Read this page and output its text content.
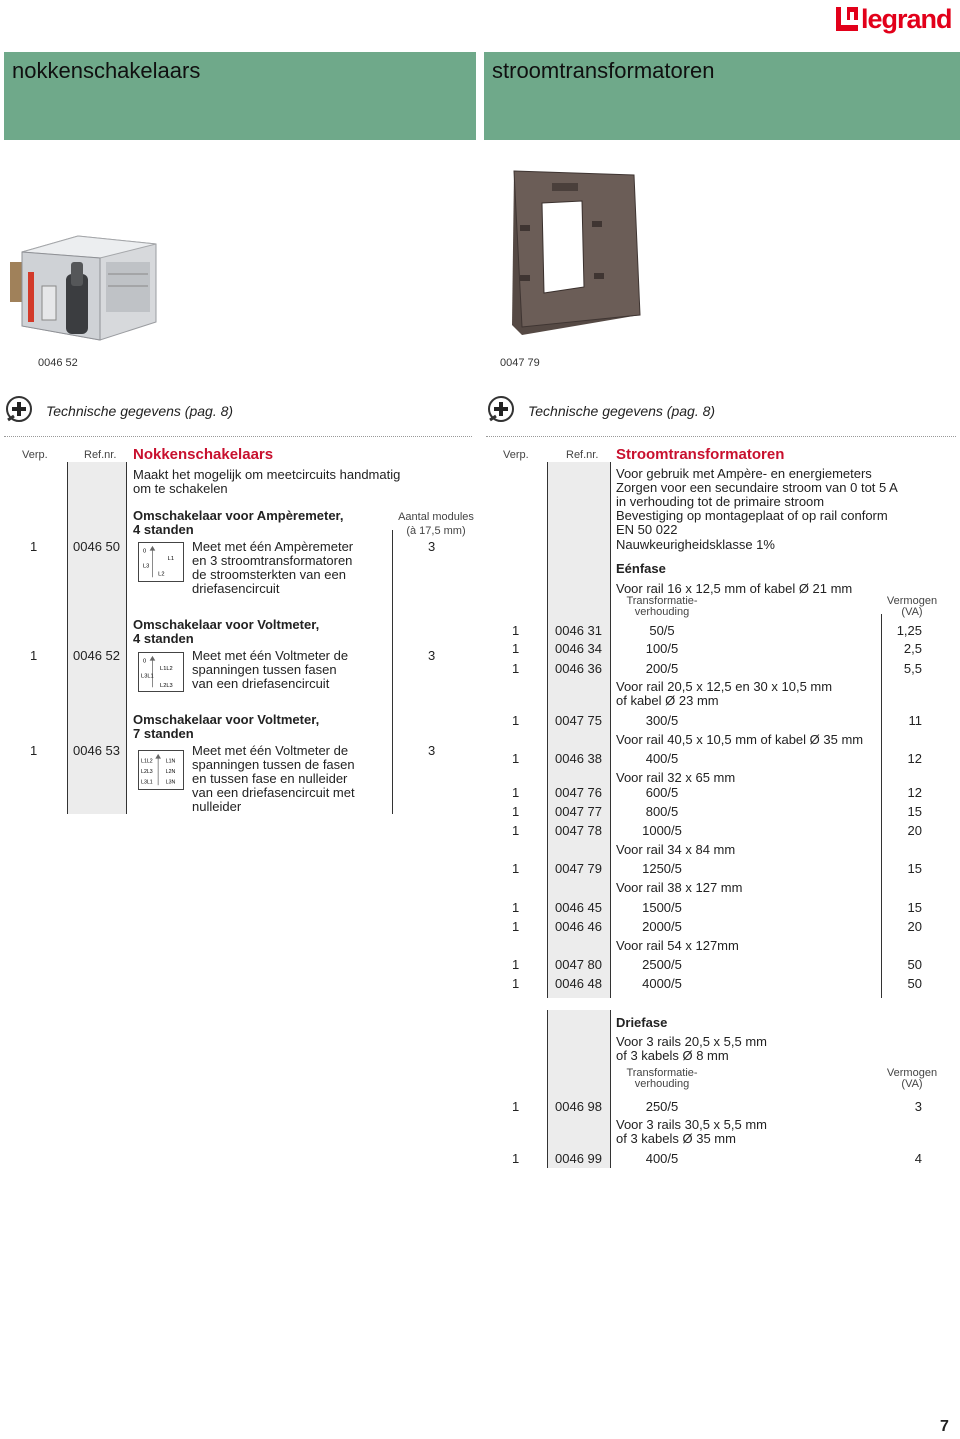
legrand
nokkenschakelaars	stroomtransformatoren
0046 52	0047 79
Technische gegevens (pag. 8)	Technische gegevens (pag. 8)
Verp.	Ref.nr. Nokkenschakelaars
Maakt het mogelijk om meetcircuits handmatig
om te schakelen
Aantal modules
(à 17,5 mm)
Omschakelaar voor Ampèremeter,
4 standen
1	0046 50	3
Meet met één Ampèremeter
en 3 stroomtransformatoren
de stroomsterkten van een
driefasencircuit
0
L1
L3
L2
Omschakelaar voor Voltmeter,
4 standen
1	0046 52	3
Meet met één Voltmeter de
spanningen tussen fasen
van een driefasencircuit
0
L1L2
L3L1
L2L3
Omschakelaar voor Voltmeter,
7 standen
1	0046 53	3
Meet met één Voltmeter de
spanningen tussen de fasen
en tussen fase en nulleider
van een driefasencircuit met
nulleider
L1L2 L1N
L2L3 L2N
L3L1 L3N
Verp.	Ref.nr. Stroomtransformatoren
Voor gebruik met Ampère- en energiemeters
Zorgen voor een secundaire stroom van 0 tot 5 A
in verhouding tot de primaire stroom
Bevestiging op montageplaat of op rail conform
EN 50 022
Nauwkeurigheidsklasse 1%
Eénfase
Voor rail 16 x 12,5 mm of kabel Ø 21 mm
Transformatie-
verhouding
Vermogen
(VA)
1	0046 31	50/5	1,25
1	0046 34	100/5	2,5
1	0046 36	200/5	5,5
Voor rail 20,5 x 12,5 en 30 x 10,5 mm
of kabel Ø 23 mm
1	0047 75	300/5	11
Voor rail 40,5 x 10,5 mm of kabel Ø 35 mm
1	0046 38	400/5	12
Voor rail 32 x 65 mm
1	0047 76	600/5	12
1	0047 77	800/5	15
1	0047 78	1000/5	20
Voor rail 34 x 84 mm
1	0047 79	1250/5	15
Voor rail 38 x 127 mm
1	0046 45	1500/5	15
1	0046 46	2000/5	20
Voor rail 54 x 127mm
1	0047 80	2500/5	50
1	0046 48	4000/5	50
Driefase
Voor 3 rails 20,5 x 5,5 mm
of 3 kabels Ø 8 mm
Transformatie-
verhouding
Vermogen
(VA)
1	0046 98	250/5	3
Voor 3 rails 30,5 x 5,5 mm
of 3 kabels Ø 35 mm
1	0046 99	400/5	4
7
